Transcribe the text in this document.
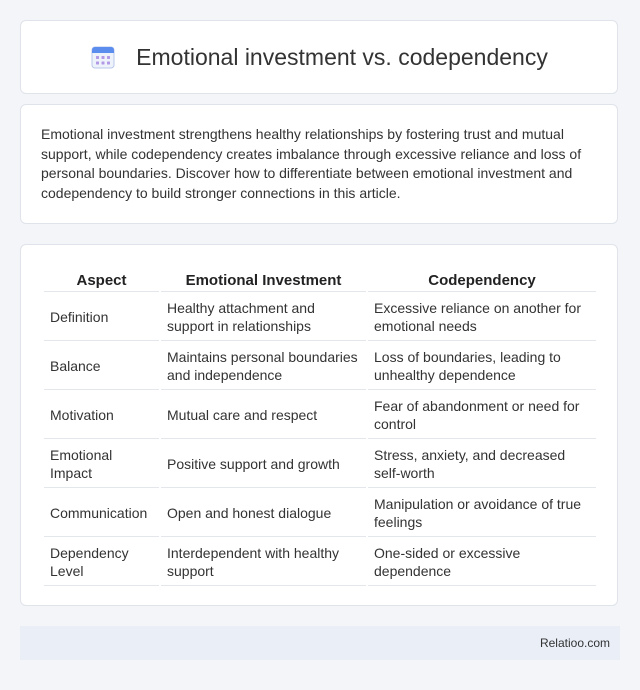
Emotional investment vs. codependency

Emotional investment strengthens healthy relationships by fostering trust and mutual support, while codependency creates imbalance through excessive reliance and loss of personal boundaries. Discover how to differentiate between emotional investment and codependency to build stronger connections in this article.

Aspect	Emotional Investment	Codependency
Definition	Healthy attachment and support in relationships	Excessive reliance on another for emotional needs
Balance	Maintains personal boundaries and independence	Loss of boundaries, leading to unhealthy dependence
Motivation	Mutual care and respect	Fear of abandonment or need for control
Emotional Impact	Positive support and growth	Stress, anxiety, and decreased self-worth
Communication	Open and honest dialogue	Manipulation or avoidance of true feelings
Dependency Level	Interdependent with healthy support	One-sided or excessive dependence
Relatioo.com
